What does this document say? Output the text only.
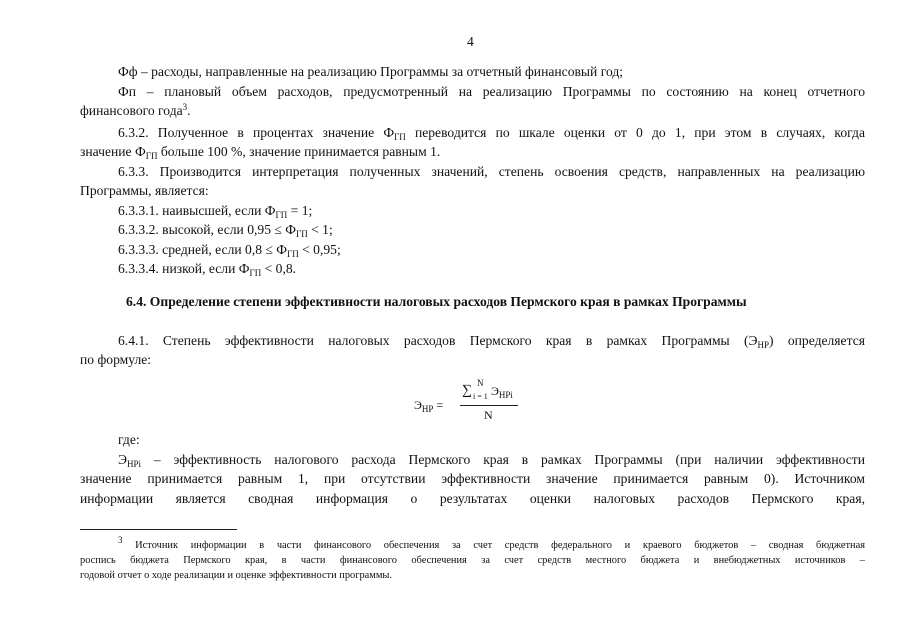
4
Фф – расходы, направленные на реализацию Программы за отчетный финансовый год;
Фп – плановый объем расходов, предусмотренный на реализацию Программы по состоянию на конец отчетного
финансового года$^3$.
6.3.2. Полученное в процентах значение $Ф_{ГП}$ переводится по шкале оценки от 0 до 1, при этом в случаях, когда
значение $Ф_{ГП}$ больше 100 %, значение принимается равным 1.
6.3.3. Производится интерпретация полученных значений, степень освоения средств, направленных на реализацию
Программы, является:
6.3.3.1. наивысшей, если $Ф_{ГП} = 1$;
6.3.3.2. высокой, если $0,95 \le Ф_{ГП} < 1$;
6.3.3.3. средней, если $0,8 \le Ф_{ГП} < 0,95$;
6.3.3.4. низкой, если $Ф_{ГП} < 0,8$.
6.4. Определение степени эффективности налоговых расходов Пермского края в рамках Программы
6.4.1. Степень эффективности налоговых расходов Пермского края в рамках Программы $(Э_{НР})$ определяется
по формуле:
$Э_{НР}$ =
N
∑ i = 1 $Э_{НРi}$
N
где:
$Э_{НРi}$ – эффективность налогового расхода Пермского края в рамках Программы (при наличии эффективности
значение принимается равным 1, при отсутствии эффективности значение принимается равным 0). Источником
информации является сводная информация о результатах оценки налоговых расходов Пермского края,
$^3$ Источник информации в части финансового обеспечения за счет средств федерального и краевого бюджетов – сводная бюджетная
роспись бюджета Пермского края, в части финансового обеспечения за счет средств местного бюджета и внебюджетных источников –
годовой отчет о ходе реализации и оценке эффективности программы.
